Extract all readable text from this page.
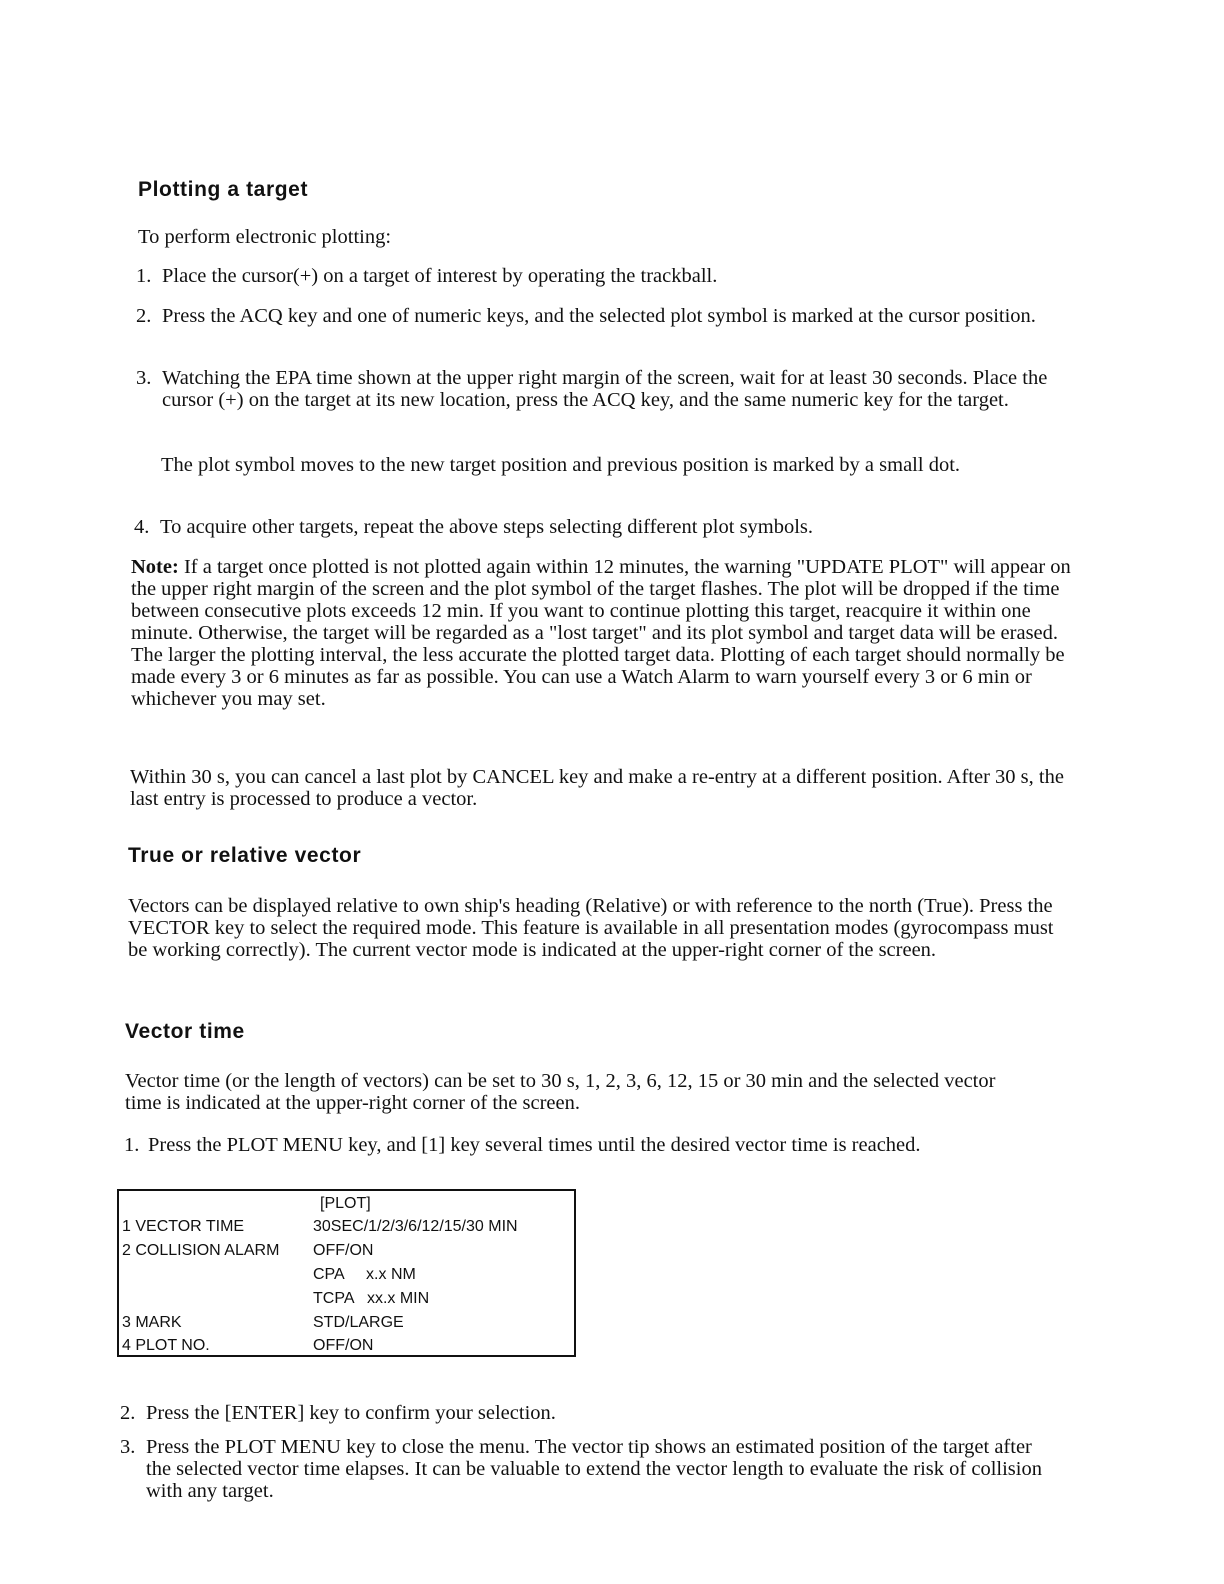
Plotting a target

To perform electronic plotting:

1. Place the cursor(+) on a target of interest by operating the trackball.
2. Press the ACQ key and one of numeric keys, and the selected plot symbol is marked at the cursor position.
3. Watching the EPA time shown at the upper right margin of the screen, wait for at least 30 seconds. Place the cursor (+) on the target at its new location, press the ACQ key, and the same numeric key for the target.

The plot symbol moves to the new target position and previous position is marked by a small dot.

4. To acquire other targets, repeat the above steps selecting different plot symbols.

Note: If a target once plotted is not plotted again within 12 minutes, the warning "UPDATE PLOT" will appear on the upper right margin of the screen and the plot symbol of the target flashes. The plot will be dropped if the time between consecutive plots exceeds 12 min. If you want to continue plotting this target, reacquire it within one minute. Otherwise, the target will be regarded as a "lost target" and its plot symbol and target data will be erased. The larger the plotting interval, the less accurate the plotted target data. Plotting of each target should normally be made every 3 or 6 minutes as far as possible. You can use a Watch Alarm to warn yourself every 3 or 6 min or whichever you may set.

Within 30 s, you can cancel a last plot by CANCEL key and make a re-entry at a different position. After 30 s, the last entry is processed to produce a vector.

True or relative vector

Vectors can be displayed relative to own ship's heading (Relative) or with reference to the north (True). Press the VECTOR key to select the required mode. This feature is available in all presentation modes (gyrocompass must be working correctly). The current vector mode is indicated at the upper-right corner of the screen.

Vector time

Vector time (or the length of vectors) can be set to 30 s, 1, 2, 3, 6, 12, 15 or 30 min and the selected vector time is indicated at the upper-right corner of the screen.

1. Press the PLOT MENU key, and [1] key several times until the desired vector time is reached.
[PLOT]
1 VECTOR TIME	30SEC/1/2/3/6/12/15/30 MIN
2 COLLISION ALARM OFF/ON
CPA     x.x NM
TCPA   xx.x MIN
3 MARK	STD/LARGE
4 PLOT NO.	OFF/ON
2. Press the [ENTER] key to confirm your selection.
3. Press the PLOT MENU key to close the menu. The vector tip shows an estimated position of the target after the selected vector time elapses. It can be valuable to extend the vector length to evaluate the risk of collision with any target.
